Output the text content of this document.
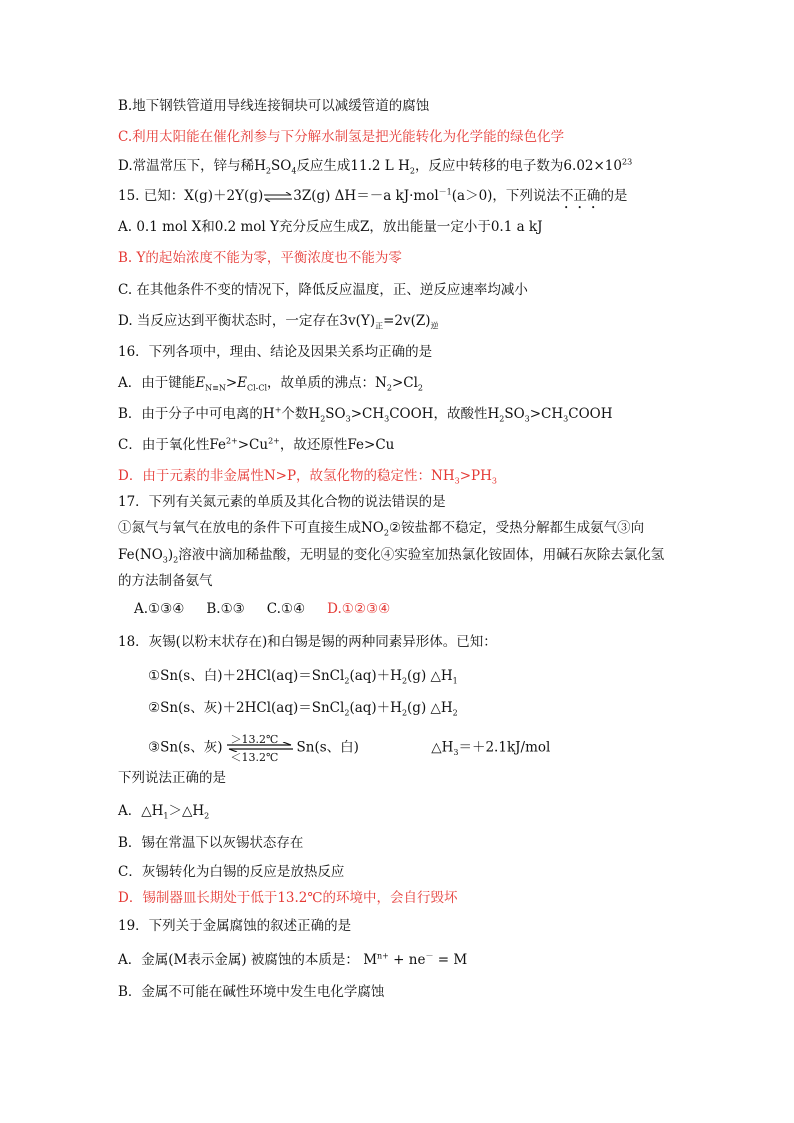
B.地下钢铁管道用导线连接铜块可以减缓管道的腐蚀
C.利用太阳能在催化剂参与下分解水制氢是把光能转化为化学能的绿色化学
D.常温常压下，锌与稀$H_2SO_4$反应生成11.2 L $H_2$，反应中转移的电子数为$6.02\times 10^{23}$
15. 已知：X(g)＋2Y(g)⇌3Z(g) ΔH＝－a kJ·mol$^{-1}$(a＞0)，下列说法不正确的是
A. 0.1 mol X和0.2 mol Y充分反应生成Z，放出能量一定小于0.1 a kJ
B. Y的起始浓度不能为零，平衡浓度也不能为零
C. 在其他条件不变的情况下，降低反应温度，正、逆反应速率均减小
D. 当反应达到平衡状态时，一定存在$3v(Y)_正=2v(Z)_逆$
16．下列各项中，理由、结论及因果关系均正确的是
A．由于键能$E_{N\equiv N}>E_{Cl-Cl}$，故单质的沸点：$N_2>Cl_2$
B．由于分子中可电离的H+个数$H_2SO_3>CH_3COOH$，故酸性$H_2SO_3>CH_3COOH$
C．由于氧化性$Fe^{2+}>Cu^{2+}$，故还原性Fe>Cu
D．由于元素的非金属性N>P，故氢化物的稳定性：$NH_3>PH_3$
17．下列有关氮元素的单质及其化合物的说法错误的是
①氮气与氧气在放电的条件下可直接生成$NO_2②$铵盐都不稳定，受热分解都生成氨气③向
$Fe(NO_3)_2$溶液中滴加稀盐酸，无明显的变化④实验室加热氯化铵固体，用碱石灰除去氯化氢
的方法制备氨气
A.①③④ B.①③ C.①④ D.①②③④
18．灰锡(以粉末状存在)和白锡是锡的两种同素异形体。已知：
①Sn(s、白)$+2HCl(aq)=SnCl_2(aq)+H_2(g)$ $\triangle H_1$
②Sn(s、灰)$+2HCl(aq)=SnCl_2(aq)+H_2(g)$ $\triangle H_2$
③Sn(s、灰) ＞13.2℃
＜13.2℃
Sn(s、白)	$\triangle H_3=+2.1kJ$/mol
下列说法正确的是
A．$\triangle H_1>\triangle H_2$
B．锡在常温下以灰锡状态存在
C．灰锡转化为白锡的反应是放热反应
D．锡制器皿长期处于低于13.2℃的环境中，会自行毁坏
19．下列关于金属腐蚀的叙述正确的是
A．金属(M表示金属) 被腐蚀的本质是： $M^{n+} + ne^- = M$
B．金属不可能在碱性环境中发生电化学腐蚀
